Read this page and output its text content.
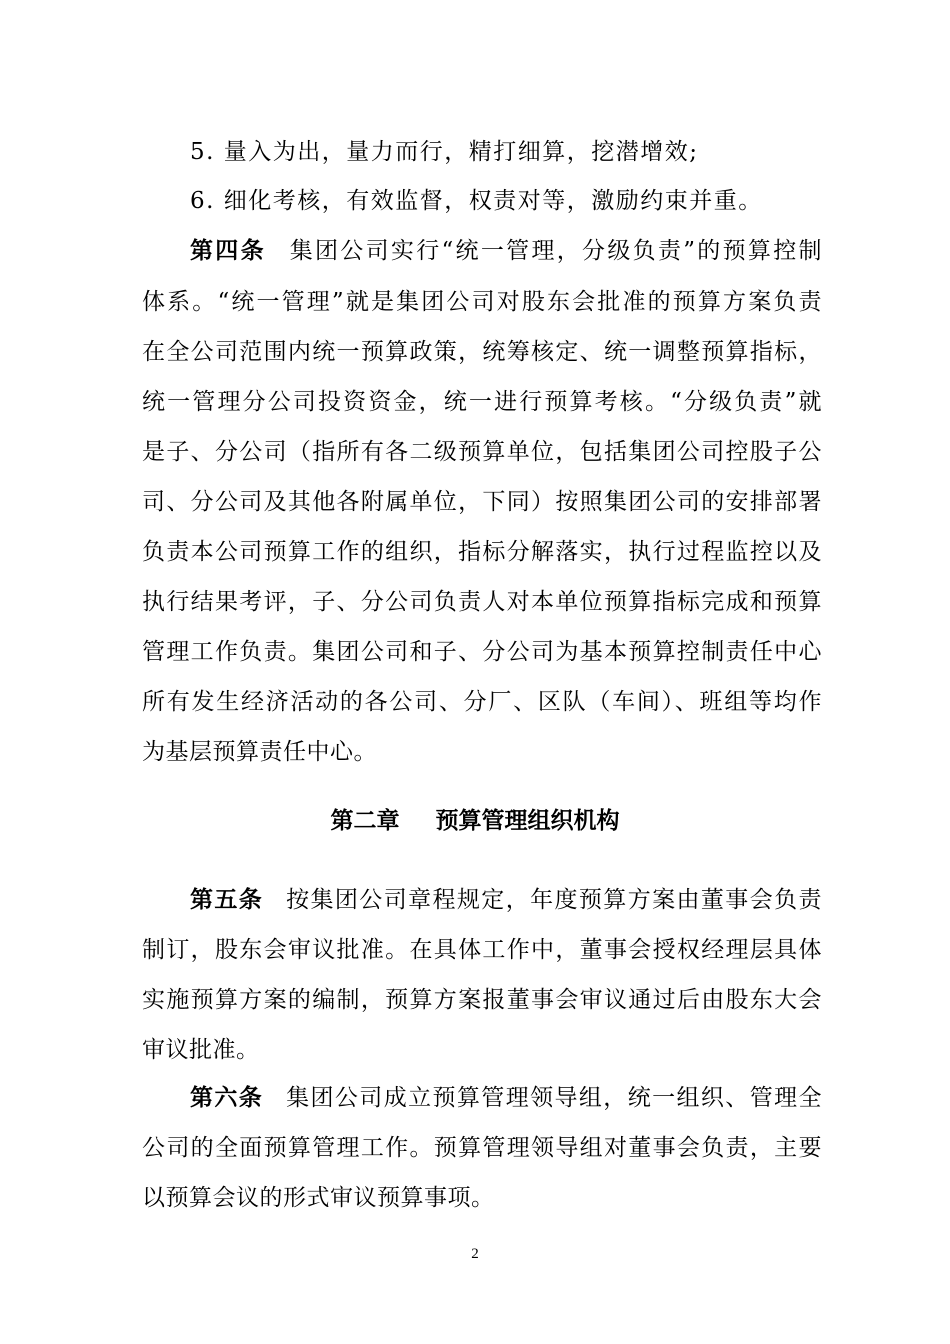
5. 量入为出，量力而行，精打细算，挖潜增效;
6. 细化考核，有效监督，权责对等，激励约束并重。
第四条 集团公司实行“统一管理，分级负责”的预算控制
体系。“统一管理”就是集团公司对股东会批准的预算方案负责
在全公司范围内统一预算政策，统筹核定、统一调整预算指标，
统一管理分公司投资资金，统一进行预算考核。“分级负责”就
是子、分公司（指所有各二级预算单位，包括集团公司控股子公
司、分公司及其他各附属单位，下同）按照集团公司的安排部署
负责本公司预算工作的组织，指标分解落实，执行过程监控以及
执行结果考评，子、分公司负责人对本单位预算指标完成和预算
管理工作负责。集团公司和子、分公司为基本预算控制责任中心
所有发生经济活动的各公司、分厂、区队（车间）、班组等均作
为基层预算责任中心。
第二章 预算管理组织机构
第五条 按集团公司章程规定，年度预算方案由董事会负责
制订，股东会审议批准。在具体工作中，董事会授权经理层具体
实施预算方案的编制，预算方案报董事会审议通过后由股东大会
审议批准。
第六条 集团公司成立预算管理领导组，统一组织、管理全
公司的全面预算管理工作。预算管理领导组对董事会负责，主要
以预算会议的形式审议预算事项。
2
